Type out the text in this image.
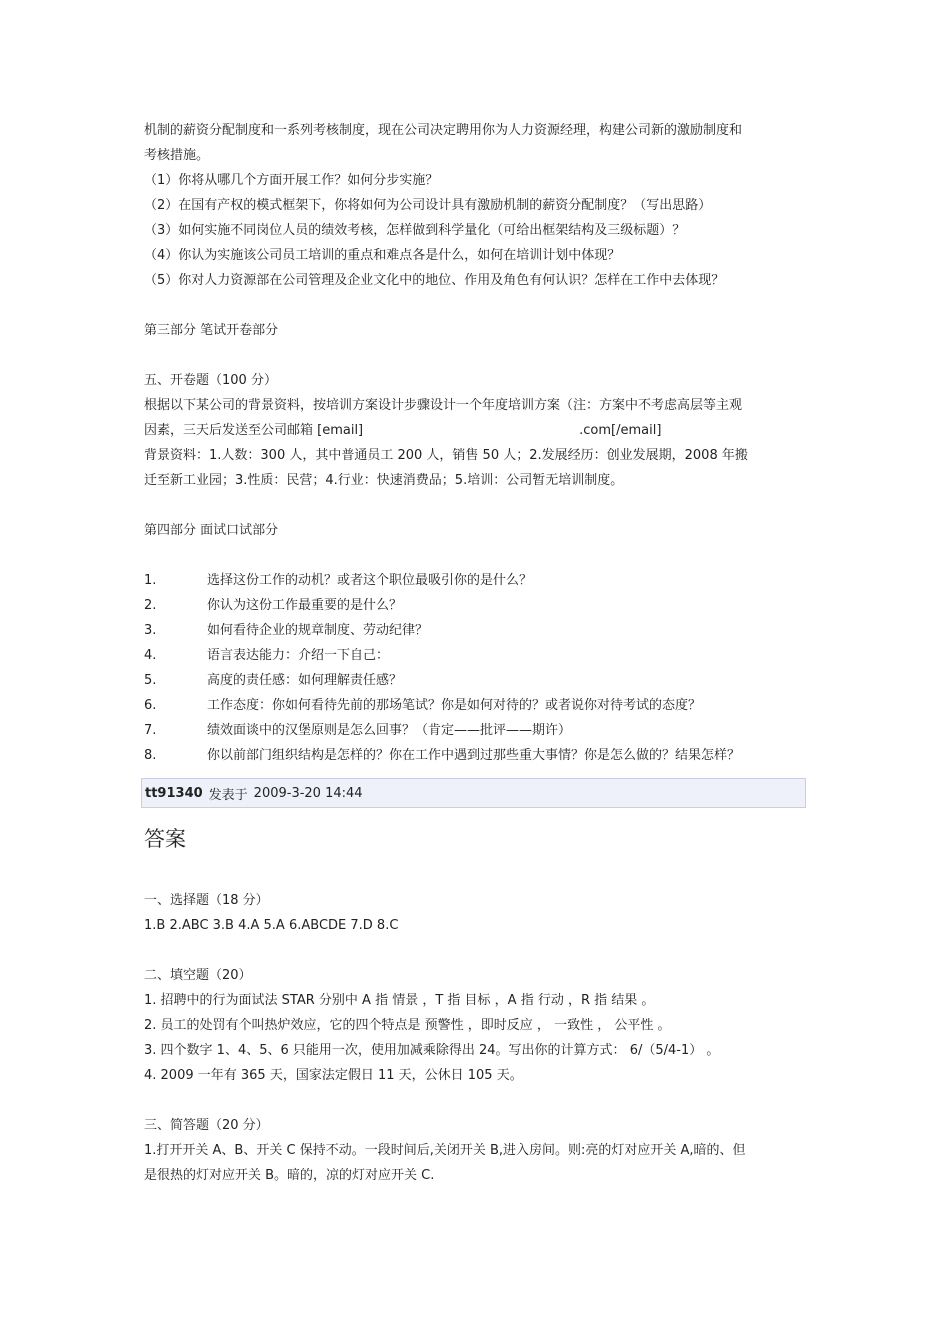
机制的薪资分配制度和一系列考核制度，现在公司决定聘用你为人力资源经理，构建公司新的激励制度和
考核措施。
（1）你将从哪几个方面开展工作？如何分步实施？
（2）在国有产权的模式框架下，你将如何为公司设计具有激励机制的薪资分配制度？（写出思路）
（3）如何实施不同岗位人员的绩效考核，怎样做到科学量化（可给出框架结构及三级标题）？
（4）你认为实施该公司员工培训的重点和难点各是什么，如何在培训计划中体现？
（5）你对人力资源部在公司管理及企业文化中的地位、作用及角色有何认识？怎样在工作中去体现？
第三部分 笔试开卷部分
五、开卷题（100 分）
根据以下某公司的背景资料，按培训方案设计步骤设计一个年度培训方案（注：方案中不考虑高层等主观
因素，三天后发送至公司邮箱 [email]	.com[/email]
背景资料：1.人数：300 人，其中普通员工 200 人，销售 50 人；2.发展经历：创业发展期，2008 年搬
迁至新工业园；3.性质：民营；4.行业：快速消费品；5.培训：公司暂无培训制度。
第四部分 面试口试部分
1.	选择这份工作的动机？或者这个职位最吸引你的是什么？
2.	你认为这份工作最重要的是什么？
3.	如何看待企业的规章制度、劳动纪律？
4.	语言表达能力：介绍一下自己：
5.	高度的责任感：如何理解责任感？
6.	工作态度：你如何看待先前的那场笔试？你是如何对待的？或者说你对待考试的态度？
7.	绩效面谈中的汉堡原则是怎么回事？（肯定——批评——期许）
8.	你以前部门组织结构是怎样的？你在工作中遇到过那些重大事情？你是怎么做的？结果怎样？
tt91340 发表于 2009-3-20 14:44
答案
一、选择题（18 分）
1.B 2.ABC 3.B 4.A 5.A 6.ABCDE 7.D 8.C
二、填空题（20）
1. 招聘中的行为面试法 STAR 分别中 A 指 情景 ，T 指 目标 ，A 指 行动 ，R 指 结果 。
2. 员工的处罚有个叫热炉效应，它的四个特点是 预警性 ，即时反应 ， 一致性 ， 公平性 。
3. 四个数字 1、4、5、6 只能用一次，使用加减乘除得出 24。写出你的计算方式： 6/（5/4-1） 。
4. 2009 一年有 365 天，国家法定假日 11 天，公休日 105 天。
三、简答题（20 分）
1.打开开关 A、B、开关 C 保持不动。一段时间后,关闭开关 B,进入房间。则:亮的灯对应开关 A,暗的、但
是很热的灯对应开关 B。暗的，凉的灯对应开关 C.
